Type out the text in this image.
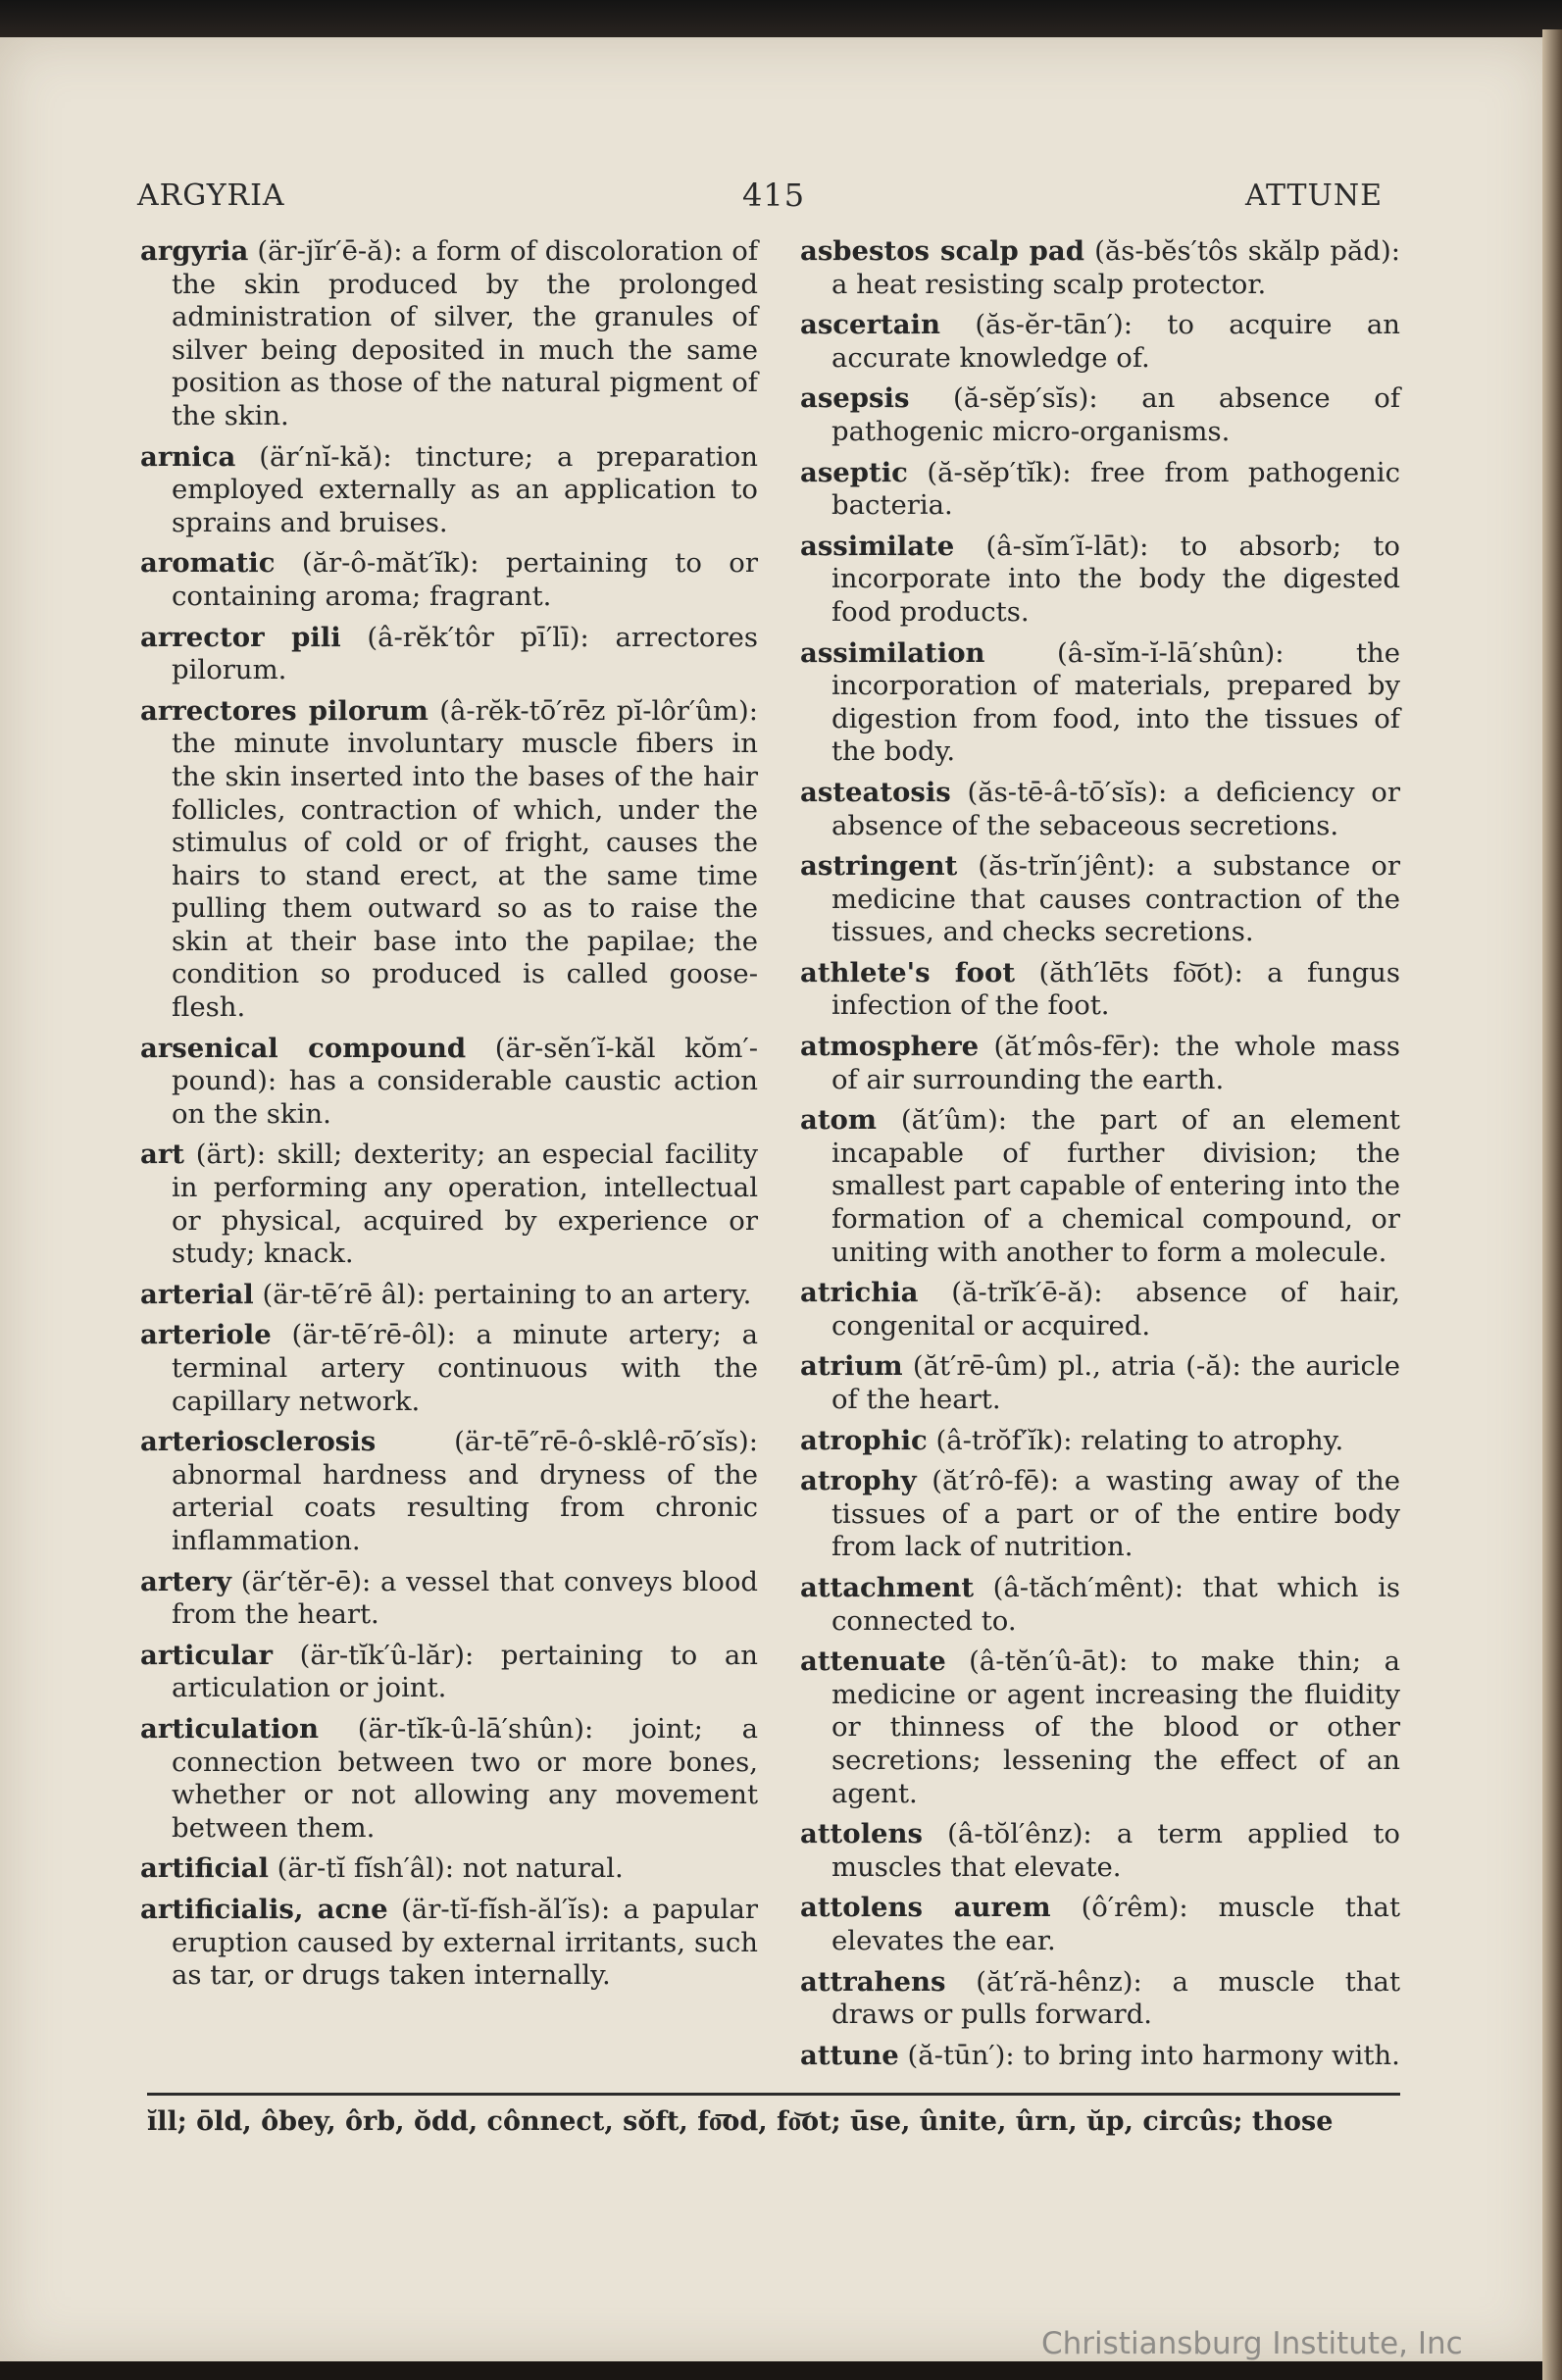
ARGYRIA	415	ATTUNE

argyria (är-jĭr′ē-ă): a form of discoloration of the skin produced by the prolonged administration of silver, the granules of silver being deposited in much the same position as those of the natural pigment of the skin.

arnica (är′nĭ-kă): tincture; a preparation employed externally as an application to sprains and bruises.

aromatic (ăr-ô-măt′ĭk): pertaining to or containing aroma; fragrant.

arrector pili (â-rĕk′tôr pī′lī): arrectores pilorum.

arrectores pilorum (â-rĕk-tō′rēz pĭ-lôr′ûm): the minute involuntary muscle fibers in the skin inserted into the bases of the hair follicles, contraction of which, under the stimulus of cold or of fright, causes the hairs to stand erect, at the same time pulling them outward so as to raise the skin at their base into the papilae; the condition so produced is called goose-flesh.

arsenical compound (är-sĕn′ĭ-kăl kŏm′-pound): has a considerable caustic action on the skin.

art (ärt): skill; dexterity; an especial facility in performing any operation, intellectual or physical, acquired by experience or study; knack.

arterial (är-tē′rē âl): pertaining to an artery.

arteriole (är-tē′rē-ôl): a minute artery; a terminal artery continuous with the capillary network.

arteriosclerosis	(är-tē″rē-ô-sklê-rō′sĭs): abnormal hardness and dryness of the arterial coats resulting from chronic inflammation.

artery (är′tĕr-ē): a vessel that conveys blood from the heart.

articular (är-tĭk′û-lăr): pertaining to an articulation or joint.

articulation (är-tĭk-û-lā′shûn): joint; a connection between two or more bones, whether or not allowing any movement between them.

artificial (är-tĭ fĭsh′âl): not natural.

artificialis, acne (är-tĭ-fĭsh-ăl′ĭs): a papular eruption caused by external irritants, such as tar, or drugs taken internally.

asbestos scalp pad (ăs-bĕs′tôs skălp păd): a heat resisting scalp protector.

ascertain (ăs-ĕr-tān′): to acquire an accurate knowledge of.

asepsis (ă-sĕp′sĭs): an absence of pathogenic micro-organisms.

aseptic (ă-sĕp′tĭk): free from pathogenic bacteria.

assimilate (â-sĭm′ĭ-lāt): to absorb; to incorporate into the body the digested food products.

assimilation	(â-sĭm-ĭ-lā′shûn): the incorporation of materials, prepared by digestion from food, into the tissues of the body.

asteatosis (ăs-tē-â-tō′sĭs): a deficiency or absence of the sebaceous secretions.

astringent (ăs-trĭn′jênt): a substance or medicine that causes contraction of the tissues, and checks secretions.

athlete's foot (ăth′lēts fo͝ot): a fungus infection of the foot.

atmosphere (ăt′môs-fēr): the whole mass of air surrounding the earth.

atom (ăt′ûm): the part of an element incapable of further division; the smallest part capable of entering into the formation of a chemical compound, or uniting with another to form a molecule.

atrichia (ă-trĭk′ē-ă): absence of hair, congenital or acquired.

atrium (ăt′rē-ûm) pl., atria (-ă): the auricle of the heart.

atrophic (â-trŏf′ĭk): relating to atrophy.

atrophy (ăt′rô-fē): a wasting away of the tissues of a part or of the entire body from lack of nutrition.

attachment (â-tăch′mênt): that which is connected to.

attenuate (â-tĕn′û-āt): to make thin; a medicine or agent increasing the fluidity or thinness of the blood or other secretions; lessening the effect of an agent.

attolens (â-tŏl′ênz): a term applied to muscles that elevate.

attolens aurem (ô′rêm): muscle that elevates the ear.

attrahens (ăt′ră-hênz): a muscle that draws or pulls forward.

attune (ă-tūn′): to bring into harmony with.

ĭll; ōld, ôbey, ôrb, ŏdd, cônnect, sŏft, fo͞od, fo͝ot; ūse, ûnite, ûrn, ŭp, circûs; those
Christiansburg Institute, Inc
